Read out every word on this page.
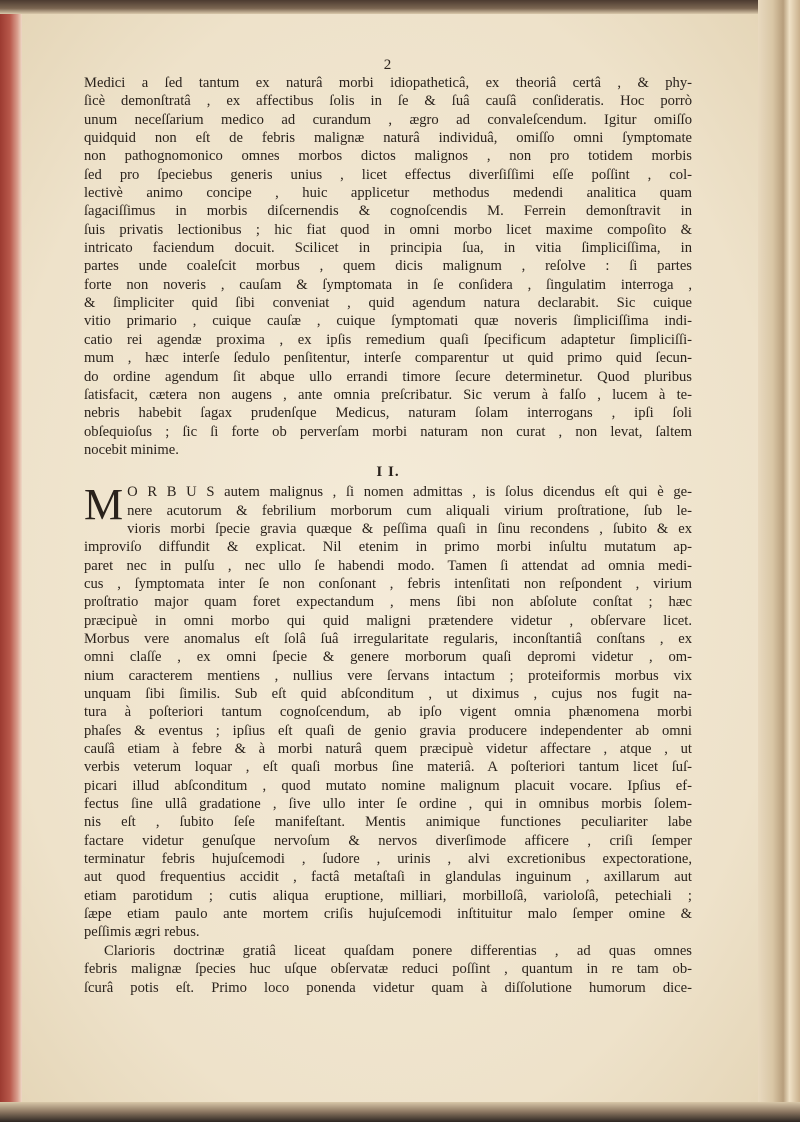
2
Medici a ſed tantum ex naturâ morbi idiopatheticâ, ex theoriâ certâ , & phy-
ſicè demonſtratâ , ex affectibus ſolis in ſe & ſuâ cauſâ conſideratis. Hoc porrò
unum neceſſarium medico ad curandum , ægro ad convaleſcendum. Igitur omiſſo
quidquid non eſt de febris malignæ naturâ individuâ, omiſſo omni ſymptomate
non pathognomonico omnes morbos dictos malignos , non pro totidem morbis
ſed pro ſpeciebus generis unius , licet effectus diverſiſſimi eſſe poſſint , col-
lectivè animo concipe , huic applicetur methodus medendi analitica quam
ſagaciſſimus in morbis diſcernendis & cognoſcendis M. Ferrein demonſtravit in
ſuis privatis lectionibus ; hic fiat quod in omni morbo licet maxime compoſito &
intricato faciendum docuit. Scilicet in principia ſua, in vitia ſimpliciſſima, in
partes unde coaleſcit morbus , quem dicis malignum , reſolve : ſi partes
forte non noveris , cauſam & ſymptomata in ſe conſidera , ſingulatim interroga ,
& ſimpliciter quid ſibi conveniat , quid agendum natura declarabit. Sic cuique
vitio primario , cuique cauſæ , cuique ſymptomati quæ noveris ſimpliciſſima indi-
catio rei agendæ proxima , ex ipſis remedium quaſi ſpecificum adaptetur ſimpliciſſi-
mum , hæc interſe ſedulo penſitentur, interſe comparentur ut quid primo quid ſecun-
do ordine agendum ſit abque ullo errandi timore ſecure determinetur. Quod pluribus
ſatisfacit, cætera non augens , ante omnia preſcribatur. Sic verum à falſo , lucem à te-
nebris habebit ſagax prudenſque Medicus, naturam ſolam interrogans , ipſi ſoli
obſequioſus ; ſic ſi forte ob perverſam morbi naturam non curat , non levat, ſaltem
nocebit minime.
I I.
M O R B U S autem malignus , ſi nomen admittas , is ſolus dicendus eſt qui è ge-
nere acutorum & febrilium morborum cum aliquali virium proſtratione, ſub le-
vioris morbi ſpecie gravia quæque & peſſima quaſi in ſinu recondens , ſubito & ex
improviſo diffundit & explicat. Nil etenim in primo morbi inſultu mutatum ap-
paret nec in pulſu , nec ullo ſe habendi modo. Tamen ſi attendat ad omnia medi-
cus , ſymptomata inter ſe non conſonant , febris intenſitati non reſpondent , virium
proſtratio major quam foret expectandum , mens ſibi non abſolute conſtat ; hæc
præcipuè in omni morbo qui quid maligni prætendere videtur , obſervare licet.
Morbus vere anomalus eſt ſolâ ſuâ irregularitate regularis, inconſtantiâ conſtans , ex
omni claſſe , ex omni ſpecie & genere morborum quaſi depromi videtur , om-
nium caracterem mentiens , nullius vere ſervans intactum ; proteiformis morbus vix
unquam ſibi ſimilis. Sub eſt quid abſconditum , ut diximus , cujus nos fugit na-
tura à poſteriori tantum cognoſcendum, ab ipſo vigent omnia phænomena morbi
phaſes & eventus ; ipſius eſt quaſi de genio gravia producere independenter ab omni
cauſâ etiam à febre & à morbi naturâ quem præcipuè videtur affectare , atque , ut
verbis veterum loquar , eſt quaſi morbus ſine materiâ. A poſteriori tantum licet ſuſ-
picari illud abſconditum , quod mutato nomine malignum placuit vocare. Ipſius ef-
fectus ſine ullâ gradatione , ſive ullo inter ſe ordine , qui in omnibus morbis ſolem-
nis eſt , ſubito ſeſe manifeſtant. Mentis animique functiones peculiariter labe
factare videtur genuſque nervoſum & nervos diverſimode afficere , criſi ſemper
terminatur febris hujuſcemodi , ſudore , urinis , alvi excretionibus expectoratione,
aut quod frequentius accidit , factâ metaſtaſi in glandulas inguinum , axillarum aut
etiam parotidum ; cutis aliqua eruptione, milliari, morbilloſâ, varioloſâ, petechiali ;
ſæpe etiam paulo ante mortem criſis hujuſcemodi inſtituitur malo ſemper omine &
peſſimis ægri rebus.
Clarioris doctrinæ gratiâ liceat quaſdam ponere differentias , ad quas omnes
febris malignæ ſpecies huc uſque obſervatæ reduci poſſint , quantum in re tam ob-
ſcurâ potis eſt. Primo loco ponenda videtur quam à diſſolutione humorum dice-
